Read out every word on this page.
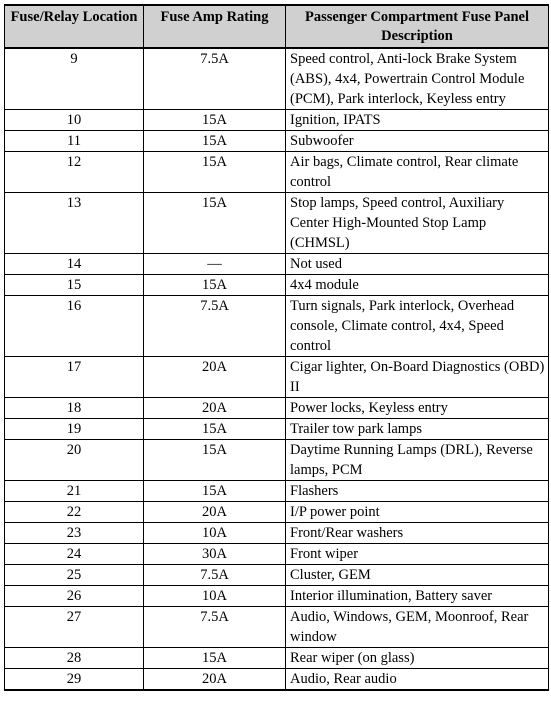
Fuse/Relay Location	Fuse Amp Rating	Passenger Compartment Fuse Panel Description
9	7.5A	Speed control, Anti-lock Brake System (ABS), 4x4, Powertrain Control Module (PCM), Park interlock, Keyless entry
10	15A	Ignition, IPATS
11	15A	Subwoofer
12	15A	Air bags, Climate control, Rear climate control
13	15A	Stop lamps, Speed control, Auxiliary Center High-Mounted Stop Lamp (CHMSL)
14	—	Not used
15	15A	4x4 module
16	7.5A	Turn signals, Park interlock, Overhead console, Climate control, 4x4, Speed control
17	20A	Cigar lighter, On-Board Diagnostics (OBD) II
18	20A	Power locks, Keyless entry
19	15A	Trailer tow park lamps
20	15A	Daytime Running Lamps (DRL), Reverse lamps, PCM
21	15A	Flashers
22	20A	I/P power point
23	10A	Front/Rear washers
24	30A	Front wiper
25	7.5A	Cluster, GEM
26	10A	Interior illumination, Battery saver
27	7.5A	Audio, Windows, GEM, Moonroof, Rear window
28	15A	Rear wiper (on glass)
29	20A	Audio, Rear audio
